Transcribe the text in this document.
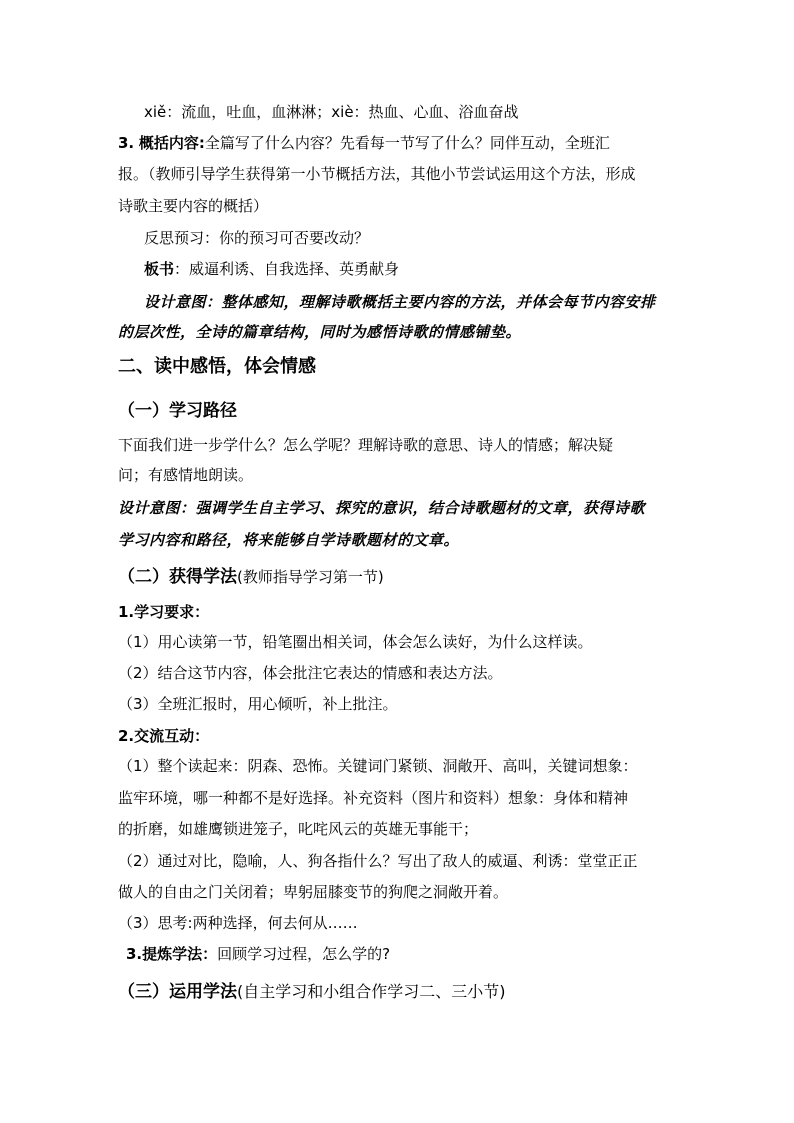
xiě：流血，吐血，血淋淋；xiè：热血、心血、浴血奋战
3. 概括内容:全篇写了什么内容？先看每一节写了什么？同伴互动，全班汇
报。（教师引导学生获得第一小节概括方法，其他小节尝试运用这个方法，形成
诗歌主要内容的概括）
反思预习：你的预习可否要改动？
板书：威逼利诱、自我选择、英勇献身
设计意图：整体感知，理解诗歌概括主要内容的方法，并体会每节内容安排
的层次性，全诗的篇章结构，同时为感悟诗歌的情感铺垫。
二、读中感悟，体会情感
（一）学习路径
下面我们进一步学什么？怎么学呢？理解诗歌的意思、诗人的情感；解决疑
问；有感情地朗读。
设计意图：强调学生自主学习、探究的意识，结合诗歌题材的文章，获得诗歌
学习内容和路径，将来能够自学诗歌题材的文章。
（二）获得学法(教师指导学习第一节)
1.学习要求：
（1）用心读第一节，铅笔圈出相关词，体会怎么读好，为什么这样读。
（2）结合这节内容，体会批注它表达的情感和表达方法。
（3）全班汇报时，用心倾听，补上批注。
2.交流互动：
（1）整个读起来：阴森、恐怖。关键词门紧锁、洞敞开、高叫，关键词想象：
监牢环境，哪一种都不是好选择。补充资料（图片和资料）想象：身体和精神
的折磨，如雄鹰锁进笼子，叱咤风云的英雄无事能干；
（2）通过对比，隐喻，人、狗各指什么？写出了敌人的威逼、利诱：堂堂正正
做人的自由之门关闭着；卑躬屈膝变节的狗爬之洞敞开着。
（3）思考:两种选择，何去何从……
3.提炼学法：回顾学习过程，怎么学的?
（三）运用学法(自主学习和小组合作学习二、三小节)
